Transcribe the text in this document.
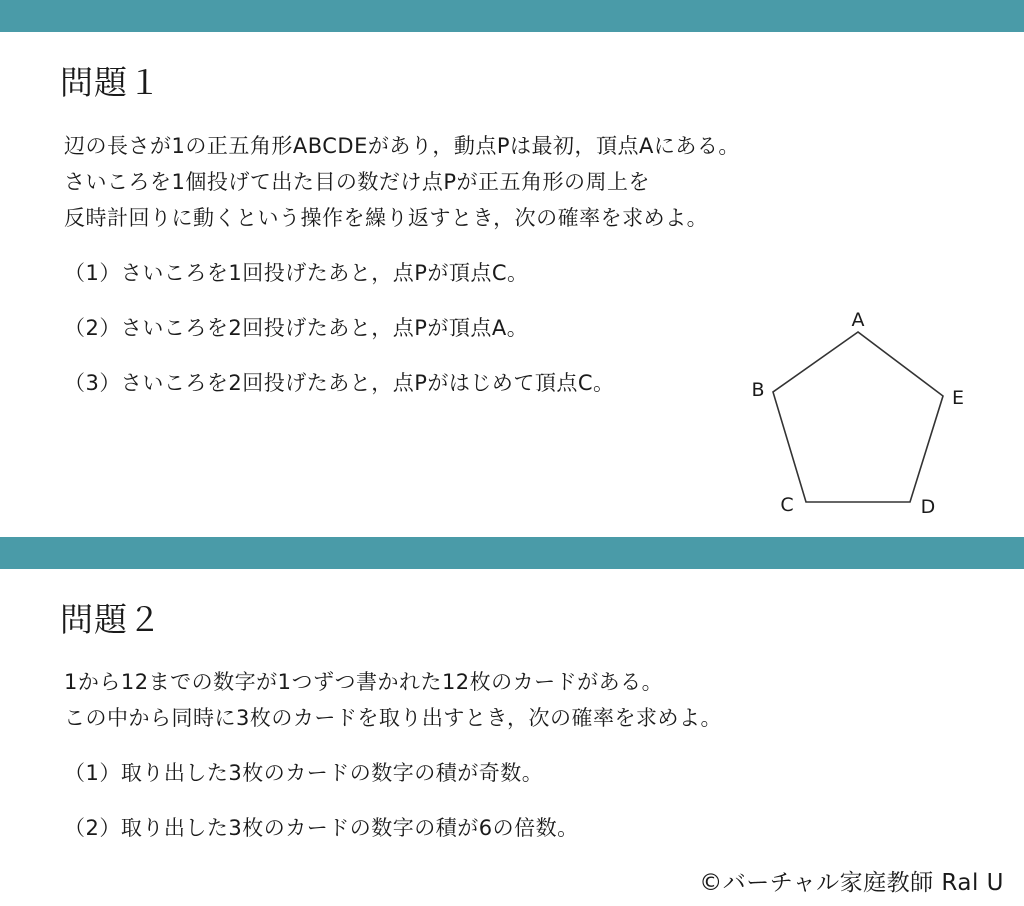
問題１
辺の長さが1の正五角形ABCDEがあり，動点Pは最初，頂点Aにある。
さいころを1個投げて出た目の数だけ点Pが正五角形の周上を
反時計回りに動くという操作を繰り返すとき，次の確率を求めよ。
（1）さいころを1回投げたあと，点Pが頂点C。
（2）さいころを2回投げたあと，点Pが頂点A。
（3）さいころを2回投げたあと，点Pがはじめて頂点C。
A
B
C	D
E
問題２
1から12までの数字が1つずつ書かれた12枚のカードがある。
この中から同時に3枚のカードを取り出すとき，次の確率を求めよ。
（1）取り出した3枚のカードの数字の積が奇数。
（2）取り出した3枚のカードの数字の積が6の倍数。
©バーチャル家庭教師 Ral U
